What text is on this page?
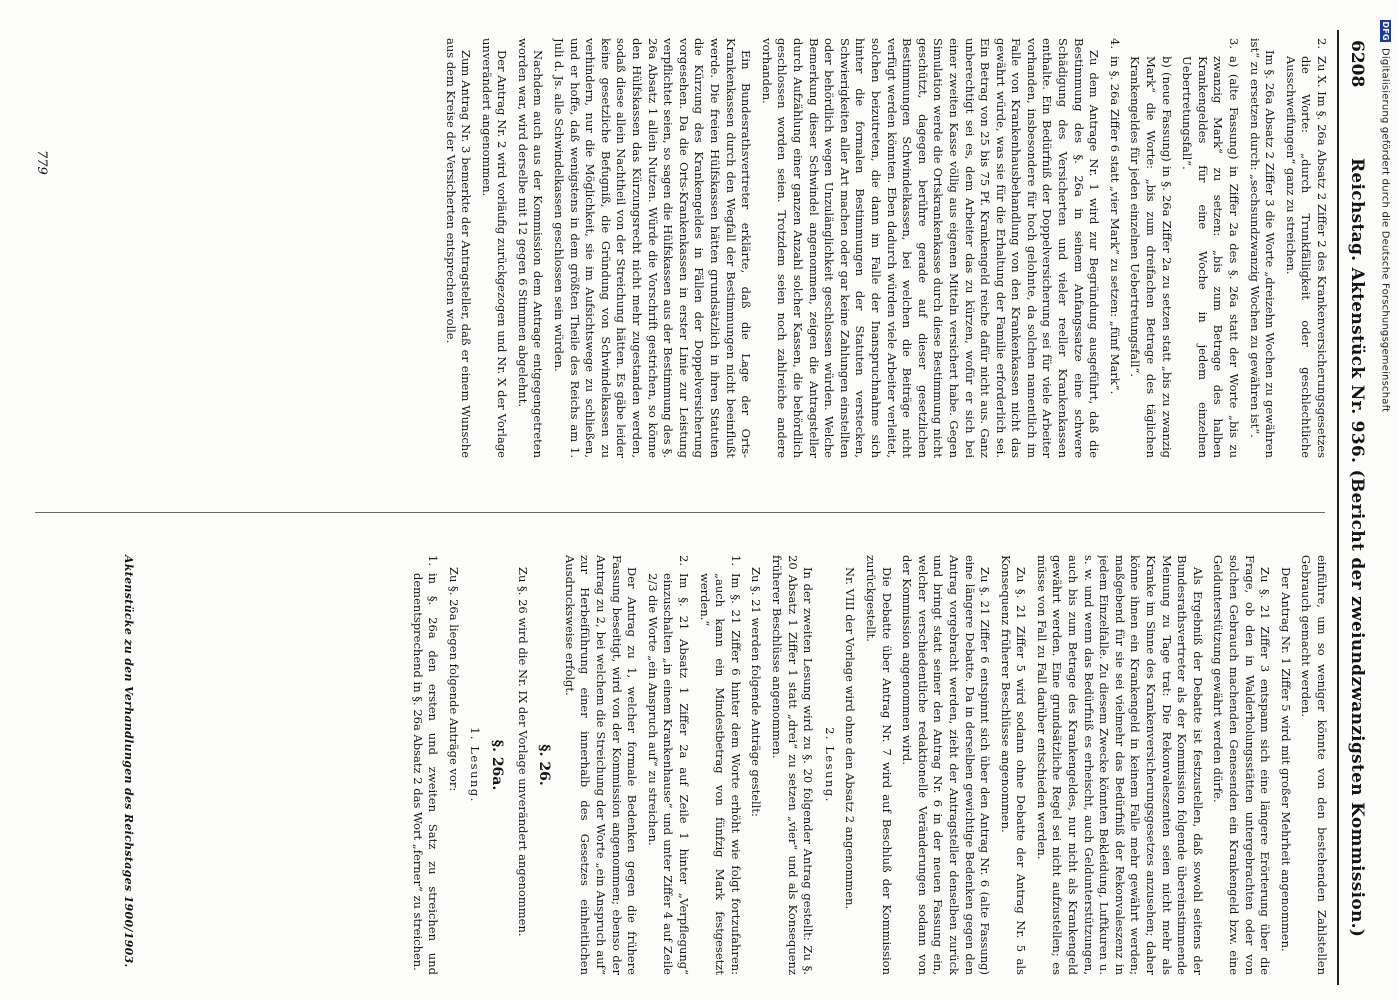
DFGDigitalisierung gefördert durch die Deutsche Forschungsgemeinschaft
6208
Reichstag. Aktenstück Nr. 936. (Bericht der zweiundzwanzigsten Kommission.)

2.
Zu X. Im §. 26a Absatz 2 Ziffer 2 des Krankenversicherungsgesetzes die Worte: „durch Trunkfälligkeit oder geschlechtliche Ausschweifungen“ ganz zu streichen.

Im §. 26a Absatz 2 Ziffer 3 die Worte „dreizehn Wochen zu gewähren ist“ zu ersetzen durch: „sechsundzwanzig Wochen zu gewähren ist“.

3.
a) (alte Fassung) in Ziffer 2a des §. 26a statt der Worte „bis zu zwanzig Mark“ zu setzen: „bis zum Betrage des halben Krankengeldes für eine Woche in jedem einzelnen Uebertretungsfall“.

b) (neue Fassung) in §. 26a Ziffer 2a zu setzen statt „bis zu zwanzig Mark“ die Worte: „bis zum dreifachen Betrage des täglichen Krankengeldes für jeden einzelnen Uebertretungsfall“.

4.
in §. 26a Ziffer 6 statt „vier Mark“ zu setzen: „fünf Mark“.

Zu dem Antrage Nr. 1 wird zur Begründung ausgeführt, daß die Bestimmung des §. 26a in seinem Anfangssatze eine schwere Schädigung des Versicherten und vieler reeller Krankenkassen enthalte. Ein Bedürfniß der Doppelversicherung sei für viele Arbeiter vorhanden, insbesondere für hoch gelohnte, da solchen namentlich im Falle von Krankenhausbehandlung von den Krankenkassen nicht das gewährt würde, was sie für die Erhaltung der Familie erforderlich sei. Ein Betrag von 25 bis 75 Pf. Krankengeld reiche dafür nicht aus. Ganz unberechtigt sei es, dem Arbeiter das zu kürzen, wofür er sich bei einer zweiten Kasse völlig aus eigenen Mitteln versichert habe. Gegen Simulation werde die Ortskrankenkasse durch diese Bestimmung nicht geschützt, dagegen berühre gerade auf dieser gesetzlichen Bestimmungen Schwindelkassen, bei welchen die Beiträge nicht verfügt werden könnten. Eben dadurch würden viele Arbeiter verleitet, solchen beizutreten, die dann im Falle der Inanspruchnahme sich hinter die formalen Bestimmungen der Statuten verstecken, Schwierigkeiten aller Art machen oder gar keine Zahlungen einstellten oder behördlich wegen Unzulänglichkeit geschlossen würden. Welche Bemerkung dieser Schwindel angenommen, zeigen die Antragsteller durch Aufzählung einer ganzen Anzahl solcher Kassen, die behördlich geschlossen worden seien. Trotzdem seien noch zahlreiche andere vorhanden.

Ein Bundesrathsvertreter erklärte, daß die Lage der Orts-Krankenkassen durch den Wegfall der Bestimmungen nicht beeinflußt werde. Die freien Hülfskassen hätten grundsätzlich in ihren Statuten die Kürzung des Krankengeldes in Fällen der Doppelversicherung vorgesehen. Da die Orts-Krankenkassen in erster Linie zur Leistung verpflichtet seien, so sagen die Hülfskassen aus der Bestimmung des §. 26a Absatz 1 allein Nutzen. Würde die Vorschrift gestrichen, so könne den Hülfskassen das Kürzungsrecht nicht mehr zugestanden werden, sodaß diese allein Nachtheil von der Streichung hätten. Es gäbe leider keine gesetzliche Befugniß, die Gründung von Schwindelkassen zu verhindern, nur die Möglichkeit, sie im Aufsichtswege zu schließen, und er hoffe, daß wenigstens in dem größten Theile des Reichs am 1. Juli d. Js. alle Schwindelkassen geschlossen sein würden.

Nachdem auch aus der Kommission dem Antrage entgegengetreten worden war, wird derselbe mit 12 gegen 6 Stimmen abgelehnt.

Der Antrag Nr. 2 wird vorläufig zurückgezogen und Nr. X der Vorlage unverändert angenommen.

Zum Antrag Nr. 3 bemerkte der Antragsteller, daß er einem Wunsche aus dem Kreise der Versicherten entsprechen wolle.

einführe, um so weniger könnte von den bestehenden Zahlstellen Gebrauch gemacht werden.

Der Antrag Nr. 1 Ziffer 5 wird mit großer Mehrheit angenommen.

Zu §. 21 Ziffer 3 entspann sich eine längere Erörterung über die Frage, ob den in Walderholungsstätten untergebrachten oder von solchen Gebrauch machenden Genesenden ein Krankengeld bzw. eine Geldunterstützung gewährt werden dürfe.

Als Ergebniß der Debatte ist festzustellen, daß sowohl seitens der Bundesrathsvertreter als der Kommission folgende übereinstimmende Meinung zu Tage trat: Die Rekonvaleszenten seien nicht mehr als Kranke im Sinne des Krankenversicherungsgesetzes anzusehen; daher könne ihnen ein Krankengeld in keinem Falle mehr gewährt werden; maßgebend für sie sei vielmehr das Bedürfniß der Rekonvaleszenz in jedem Einzelfalle. Zu diesem Zwecke könnten Bekleidung, Luftkuren u. s. w. und wenn das Bedürfniß es erheischt, auch Geldunterstützungen, auch bis zum Betrage des Krankengeldes, nur nicht als Krankengeld gewährt werden. Eine grundsätzliche Regel sei nicht aufzustellen; es müsse von Fall zu Fall darüber entschieden werden.

Zu §. 21 Ziffer 5 wird sodann ohne Debatte der Antrag Nr. 5 als Konsequenz früherer Beschlüsse angenommen.

Zu §. 21 Ziffer 6 entspinnt sich über den Antrag Nr. 6 (alte Fassung) eine längere Debatte. Da in derselben gewichtige Bedenken gegen den Antrag vorgebracht werden, zieht der Antragsteller denselben zurück und bringt statt seiner den Antrag Nr. 6 in der neuen Fassung ein, welcher verschiedentliche redaktionelle Veränderungen sodann von der Kommission angenommen wird.

Die Debatte über Antrag Nr. 7 wird auf Beschluß der Kommission zurückgestellt.

Nr. VIII der Vorlage wird ohne den Absatz 2 angenommen.

2. Lesung.

In der zweiten Lesung wird zu §. 20 folgender Antrag gestellt: Zu §. 20 Absatz 1 Ziffer 1 statt „drei“ zu setzen „vier“ und als Konsequenz früherer Beschlüsse angenommen.

Zu §. 21 werden folgende Anträge gestellt:

1.
Im §. 21 Ziffer 6 hinter dem Worte erhöht wie folgt fortzufahren: „auch kann ein Mindestbetrag von fünfzig Mark festgesetzt werden.“

2.
Im §. 21 Absatz 1 Ziffer 2a auf Zeile 1 hinter „Verpflegung“ einzuschalten „in einem Krankenhause“ und unter Ziffer 4 auf Zeile 2/3 die Worte „ein Anspruch auf“ zu streichen.

Der Antrag zu 1, welcher formale Bedenken gegen die frühere Fassung beseitigt, wird von der Kommission angenommen; ebenso der Antrag zu 2, bei welchem die Streichung der Worte „ein Anspruch auf“ zur Herbeiführung einer innerhalb des Gesetzes einheitlichen Ausdrucksweise erfolgt.

§. 26.

Zu §. 26 wird die Nr. IX der Vorlage unverändert angenommen.

§. 26a.

1. Lesung.

Zu §. 26a liegen folgende Anträge vor:

1.
in §. 26a den ersten und zweiten Satz zu streichen und dementsprechend in §. 26a Absatz 2 das Wort „ferner“ zu streichen.

Aktenstücke zu den Verhandlungen des Reichstages 1900/1903.
779
